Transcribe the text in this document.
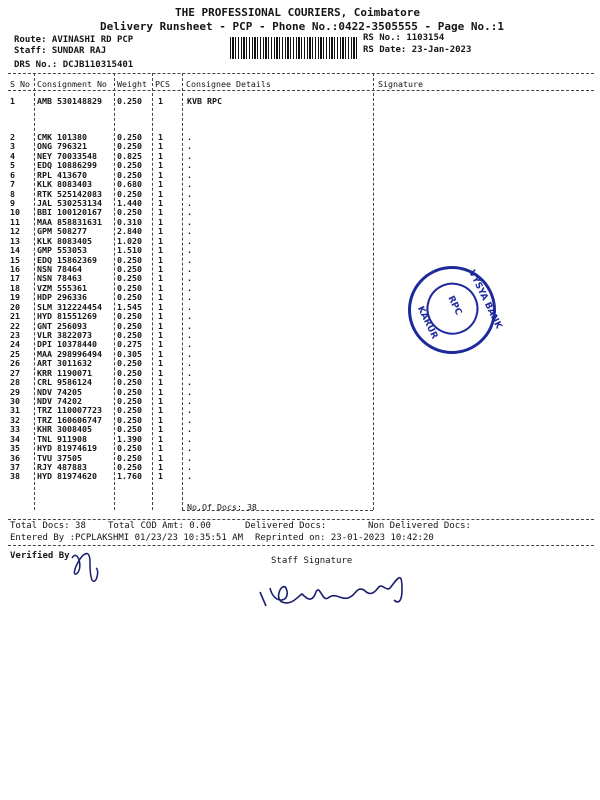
THE PROFESSIONAL COURIERS, Coimbatore
Delivery Runsheet - PCP - Phone No.:0422-3505555 - Page No.:1
Route: AVINASHI RD PCP
Staff: SUNDAR RAJ
DRS No.: DCJB110315401
RS No.: 1103154
RS Date: 23-Jan-2023
S No Consignment No Weight PCS Consignee Details	Signature
1	AMB 530148829 0.250 1	KVB RPC
2	CMK 101380	0.250 1	.
3	ONG 796321	0.250 1	.
4	NEY 70033548 0.825 1	.
5	EDQ 10886299 0.250 1	.
6	RPL 413670	0.250 1	.
7	KLK 8083403	0.680 1	.
8	RTK 525142083 0.250 1	.
9	JAL 530253134 1.440 1	.
10 BBI 100120167 0.250 1	.
11 MAA 858831631 0.310 1	.
12 GPM 508277	2.840 1	.
13 KLK 8083405	1.020 1	.
14 GMP 553053	1.510 1	.
15 EDQ 15862369 0.250 1	.
16 NSN 78464	0.250 1	.
17 NSN 78463	0.250 1	.
18 VZM 555361	0.250 1	.
19 HDP 296336	0.250 1	.
20 SLM 312224454 1.545 1	.
21 HYD 81551269 0.250 1	.
22 GNT 256093	0.250 1	.
23 VLR 3822073	0.250 1	.
24 DPI 10378440 0.275 1	.
25 MAA 298996494 0.305 1	.
26 ART 3011632	0.250 1	.
27 KRR 1190071	0.250 1	.
28 CRL 9586124	0.250 1	.
29 NDV 74205	0.250 1	.
30 NDV 74202	0.250 1	.
31 TRZ 110007723 0.250 1	.
32 TRZ 160606747 0.250 1	.
33 KHR 3008405	0.250 1	.
34 TNL 911908	1.390 1	.
35 HYD 81974619 0.250 1	.
36 TVU 37505	0.250 1	.
37 RJY 487883	0.250 1	.
38 HYD 81974620 1.760 1	.
No.Of Docs: 38
Total Docs: 38 Total COD Amt: 0.00	Delivered Docs:	Non Delivered Docs:
Entered By :PCPLAKSHMI 01/23/23 10:35:51 AM Reprinted on: 23-01-2023 10:42:20
Verified By	Staff Signature
VYSYA BANK
KARUR RPC
